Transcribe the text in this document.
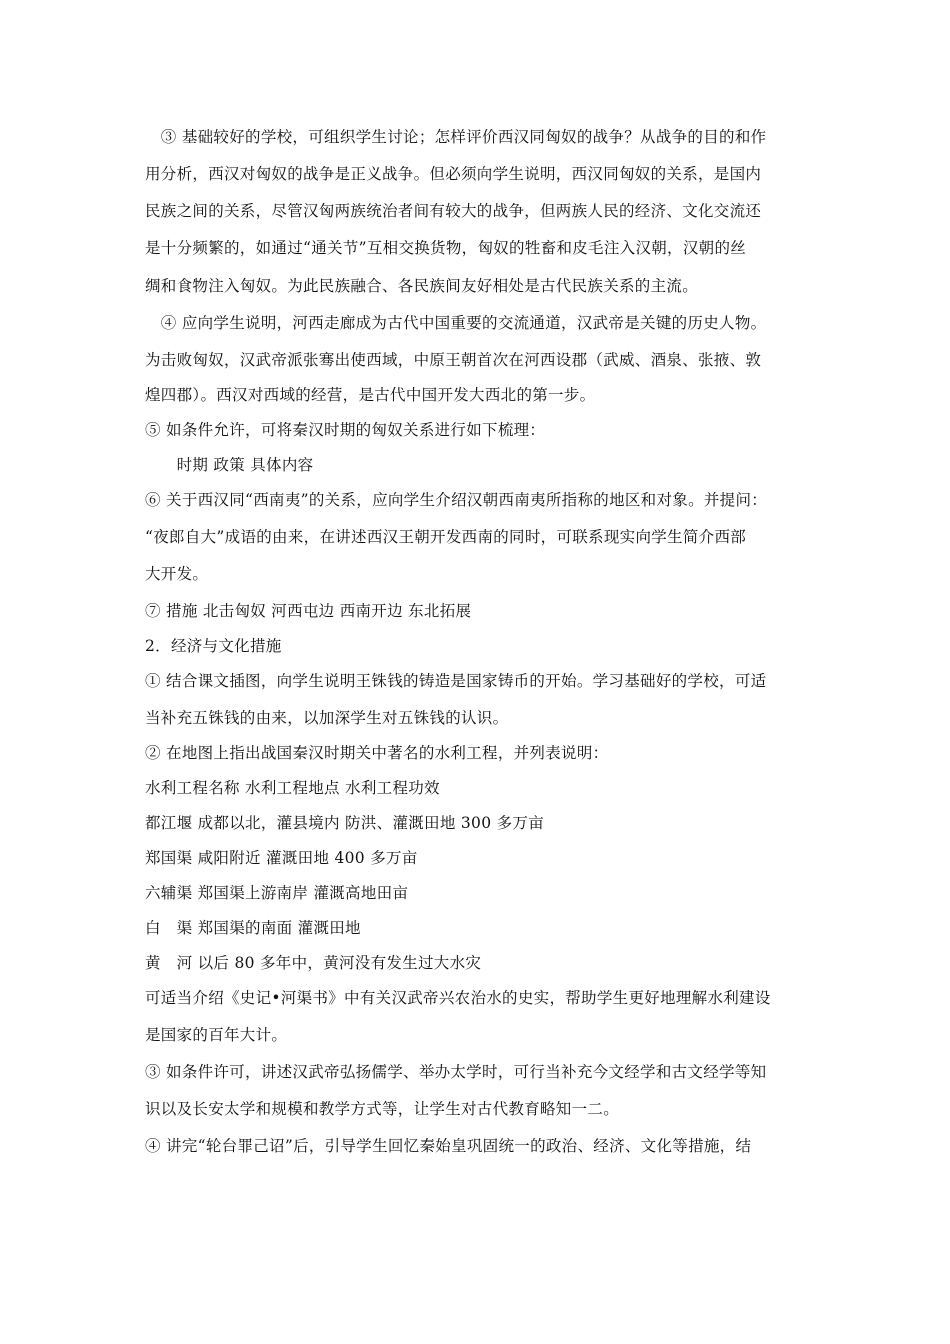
　③ 基础较好的学校，可组织学生讨论；怎样评价西汉同匈奴的战争？从战争的目的和作
用分析，西汉对匈奴的战争是正义战争。但必须向学生说明，西汉同匈奴的关系，是国内
民族之间的关系，尽管汉匈两族统治者间有较大的战争，但两族人民的经济、文化交流还
是十分频繁的，如通过“通关节”互相交换货物，匈奴的牲畜和皮毛注入汉朝，汉朝的丝
绸和食物注入匈奴。为此民族融合、各民族间友好相处是古代民族关系的主流。
　④ 应向学生说明，河西走廊成为古代中国重要的交流通道，汉武帝是关键的历史人物。
为击败匈奴，汉武帝派张骞出使西域，中原王朝首次在河西设郡（武威、酒泉、张掖、敦
煌四郡）。西汉对西域的经营，是古代中国开发大西北的第一步。
⑤ 如条件允许，可将秦汉时期的匈奴关系进行如下梳理：
　　时期 政策 具体内容
⑥ 关于西汉同“西南夷”的关系，应向学生介绍汉朝西南夷所指称的地区和对象。并提问：
“夜郎自大”成语的由来，在讲述西汉王朝开发西南的同时，可联系现实向学生简介西部
大开发。
⑦ 措施 北击匈奴 河西屯边 西南开边 东北拓展
2．经济与文化措施
① 结合课文插图，向学生说明王铢钱的铸造是国家铸币的开始。学习基础好的学校，可适
当补充五铢钱的由来，以加深学生对五铢钱的认识。
② 在地图上指出战国秦汉时期关中著名的水利工程，并列表说明：
水利工程名称 水利工程地点 水利工程功效
都江堰 成都以北，灌县境内 防洪、灌溉田地 300 多万亩
郑国渠 咸阳附近 灌溉田地 400 多万亩
六辅渠 郑国渠上游南岸 灌溉高地田亩
白　渠 郑国渠的南面 灌溉田地
黄　河 以后 80 多年中，黄河没有发生过大水灾
可适当介绍《史记•河渠书》中有关汉武帝兴农治水的史实，帮助学生更好地理解水利建设
是国家的百年大计。
③ 如条件许可，讲述汉武帝弘扬儒学、举办太学时，可行当补充今文经学和古文经学等知
识以及长安太学和规模和教学方式等，让学生对古代教育略知一二。
④ 讲完“轮台罪己诏”后，引导学生回忆秦始皇巩固统一的政治、经济、文化等措施，结
